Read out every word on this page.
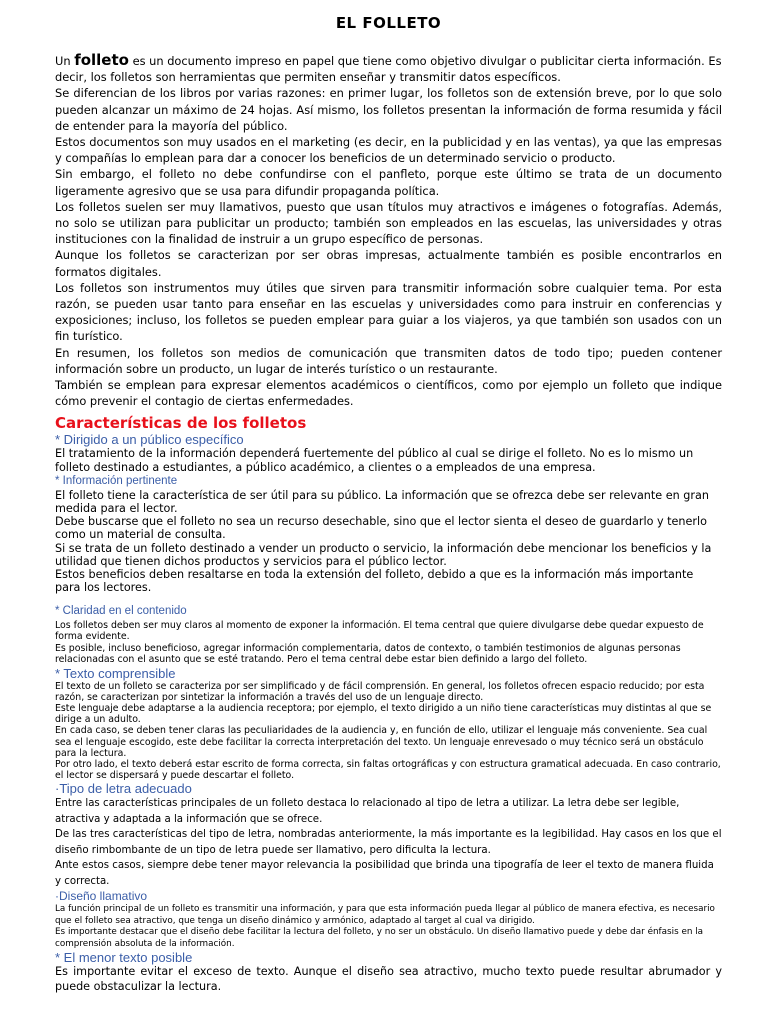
EL FOLLETO

Un folleto es un documento impreso en papel que tiene como objetivo divulgar o publicitar cierta información. Es decir, los folletos son herramientas que permiten enseñar y transmitir datos específicos.

Se diferencian de los libros por varias razones: en primer lugar, los folletos son de extensión breve, por lo que solo pueden alcanzar un máximo de 24 hojas. Así mismo, los folletos presentan la información de forma resumida y fácil de entender para la mayoría del público.

Estos documentos son muy usados en el marketing (es decir, en la publicidad y en las ventas), ya que las empresas y compañías lo emplean para dar a conocer los beneficios de un determinado servicio o producto.

Sin embargo, el folleto no debe confundirse con el panfleto, porque este último se trata de un documento ligeramente agresivo que se usa para difundir propaganda política.

Los folletos suelen ser muy llamativos, puesto que usan títulos muy atractivos e imágenes o fotografías. Además, no solo se utilizan para publicitar un producto; también son empleados en las escuelas, las universidades y otras instituciones con la finalidad de instruir a un grupo específico de personas.

Aunque los folletos se caracterizan por ser obras impresas, actualmente también es posible encontrarlos en formatos digitales.

Los folletos son instrumentos muy útiles que sirven para transmitir información sobre cualquier tema. Por esta razón, se pueden usar tanto para enseñar en las escuelas y universidades como para instruir en conferencias y exposiciones; incluso, los folletos se pueden emplear para guiar a los viajeros, ya que también son usados con un fin turístico.

En resumen, los folletos son medios de comunicación que transmiten datos de todo tipo; pueden contener información sobre un producto, un lugar de interés turístico o un restaurante.

También se emplean para expresar elementos académicos o científicos, como por ejemplo un folleto que indique cómo prevenir el contagio de ciertas enfermedades.

Características de los folletos
* Dirigido a un público específico

El tratamiento de la información dependerá fuertemente del público al cual se dirige el folleto. No es lo mismo un folleto destinado a estudiantes, a público académico, a clientes o a empleados de una empresa.

* Información pertinente

El folleto tiene la característica de ser útil para su público. La información que se ofrezca debe ser relevante en gran medida para el lector.

Debe buscarse que el folleto no sea un recurso desechable, sino que el lector sienta el deseo de guardarlo y tenerlo como un material de consulta.

Si se trata de un folleto destinado a vender un producto o servicio, la información debe mencionar los beneficios y la utilidad que tienen dichos productos y servicios para el público lector.

Estos beneficios deben resaltarse en toda la extensión del folleto, debido a que es la información más importante para los lectores.

* Claridad en el contenido

Los folletos deben ser muy claros al momento de exponer la información. El tema central que quiere divulgarse debe quedar expuesto de forma evidente.

Es posible, incluso beneficioso, agregar información complementaria, datos de contexto, o también testimonios de algunas personas relacionadas con el asunto que se esté tratando. Pero el tema central debe estar bien definido a largo del folleto.

* Texto comprensible

El texto de un folleto se caracteriza por ser simplificado y de fácil comprensión. En general, los folletos ofrecen espacio reducido; por esta razón, se caracterizan por sintetizar la información a través del uso de un lenguaje directo.

Este lenguaje debe adaptarse a la audiencia receptora; por ejemplo, el texto dirigido a un niño tiene características muy distintas al que se dirige a un adulto.

En cada caso, se deben tener claras las peculiaridades de la audiencia y, en función de ello, utilizar el lenguaje más conveniente. Sea cual sea el lenguaje escogido, este debe facilitar la correcta interpretación del texto. Un lenguaje enrevesado o muy técnico será un obstáculo para la lectura.

Por otro lado, el texto deberá estar escrito de forma correcta, sin faltas ortográficas y con estructura gramatical adecuada. En caso contrario, el lector se dispersará y puede descartar el folleto.

·Tipo de letra adecuado

Entre las características principales de un folleto destaca lo relacionado al tipo de letra a utilizar. La letra debe ser legible, atractiva y adaptada a la información que se ofrece.

De las tres características del tipo de letra, nombradas anteriormente, la más importante es la legibilidad. Hay casos en los que el diseño rimbombante de un tipo de letra puede ser llamativo, pero dificulta la lectura.

Ante estos casos, siempre debe tener mayor relevancia la posibilidad que brinda una tipografía de leer el texto de manera fluida y correcta.

·Diseño llamativo

La función principal de un folleto es transmitir una información, y para que esta información pueda llegar al público de manera efectiva, es necesario que el folleto sea atractivo, que tenga un diseño dinámico y armónico, adaptado al target al cual va dirigido.

Es importante destacar que el diseño debe facilitar la lectura del folleto, y no ser un obstáculo. Un diseño llamativo puede y debe dar énfasis en la comprensión absoluta de la información.

* El menor texto posible

Es importante evitar el exceso de texto. Aunque el diseño sea atractivo, mucho texto puede resultar abrumador y puede obstaculizar la lectura.
